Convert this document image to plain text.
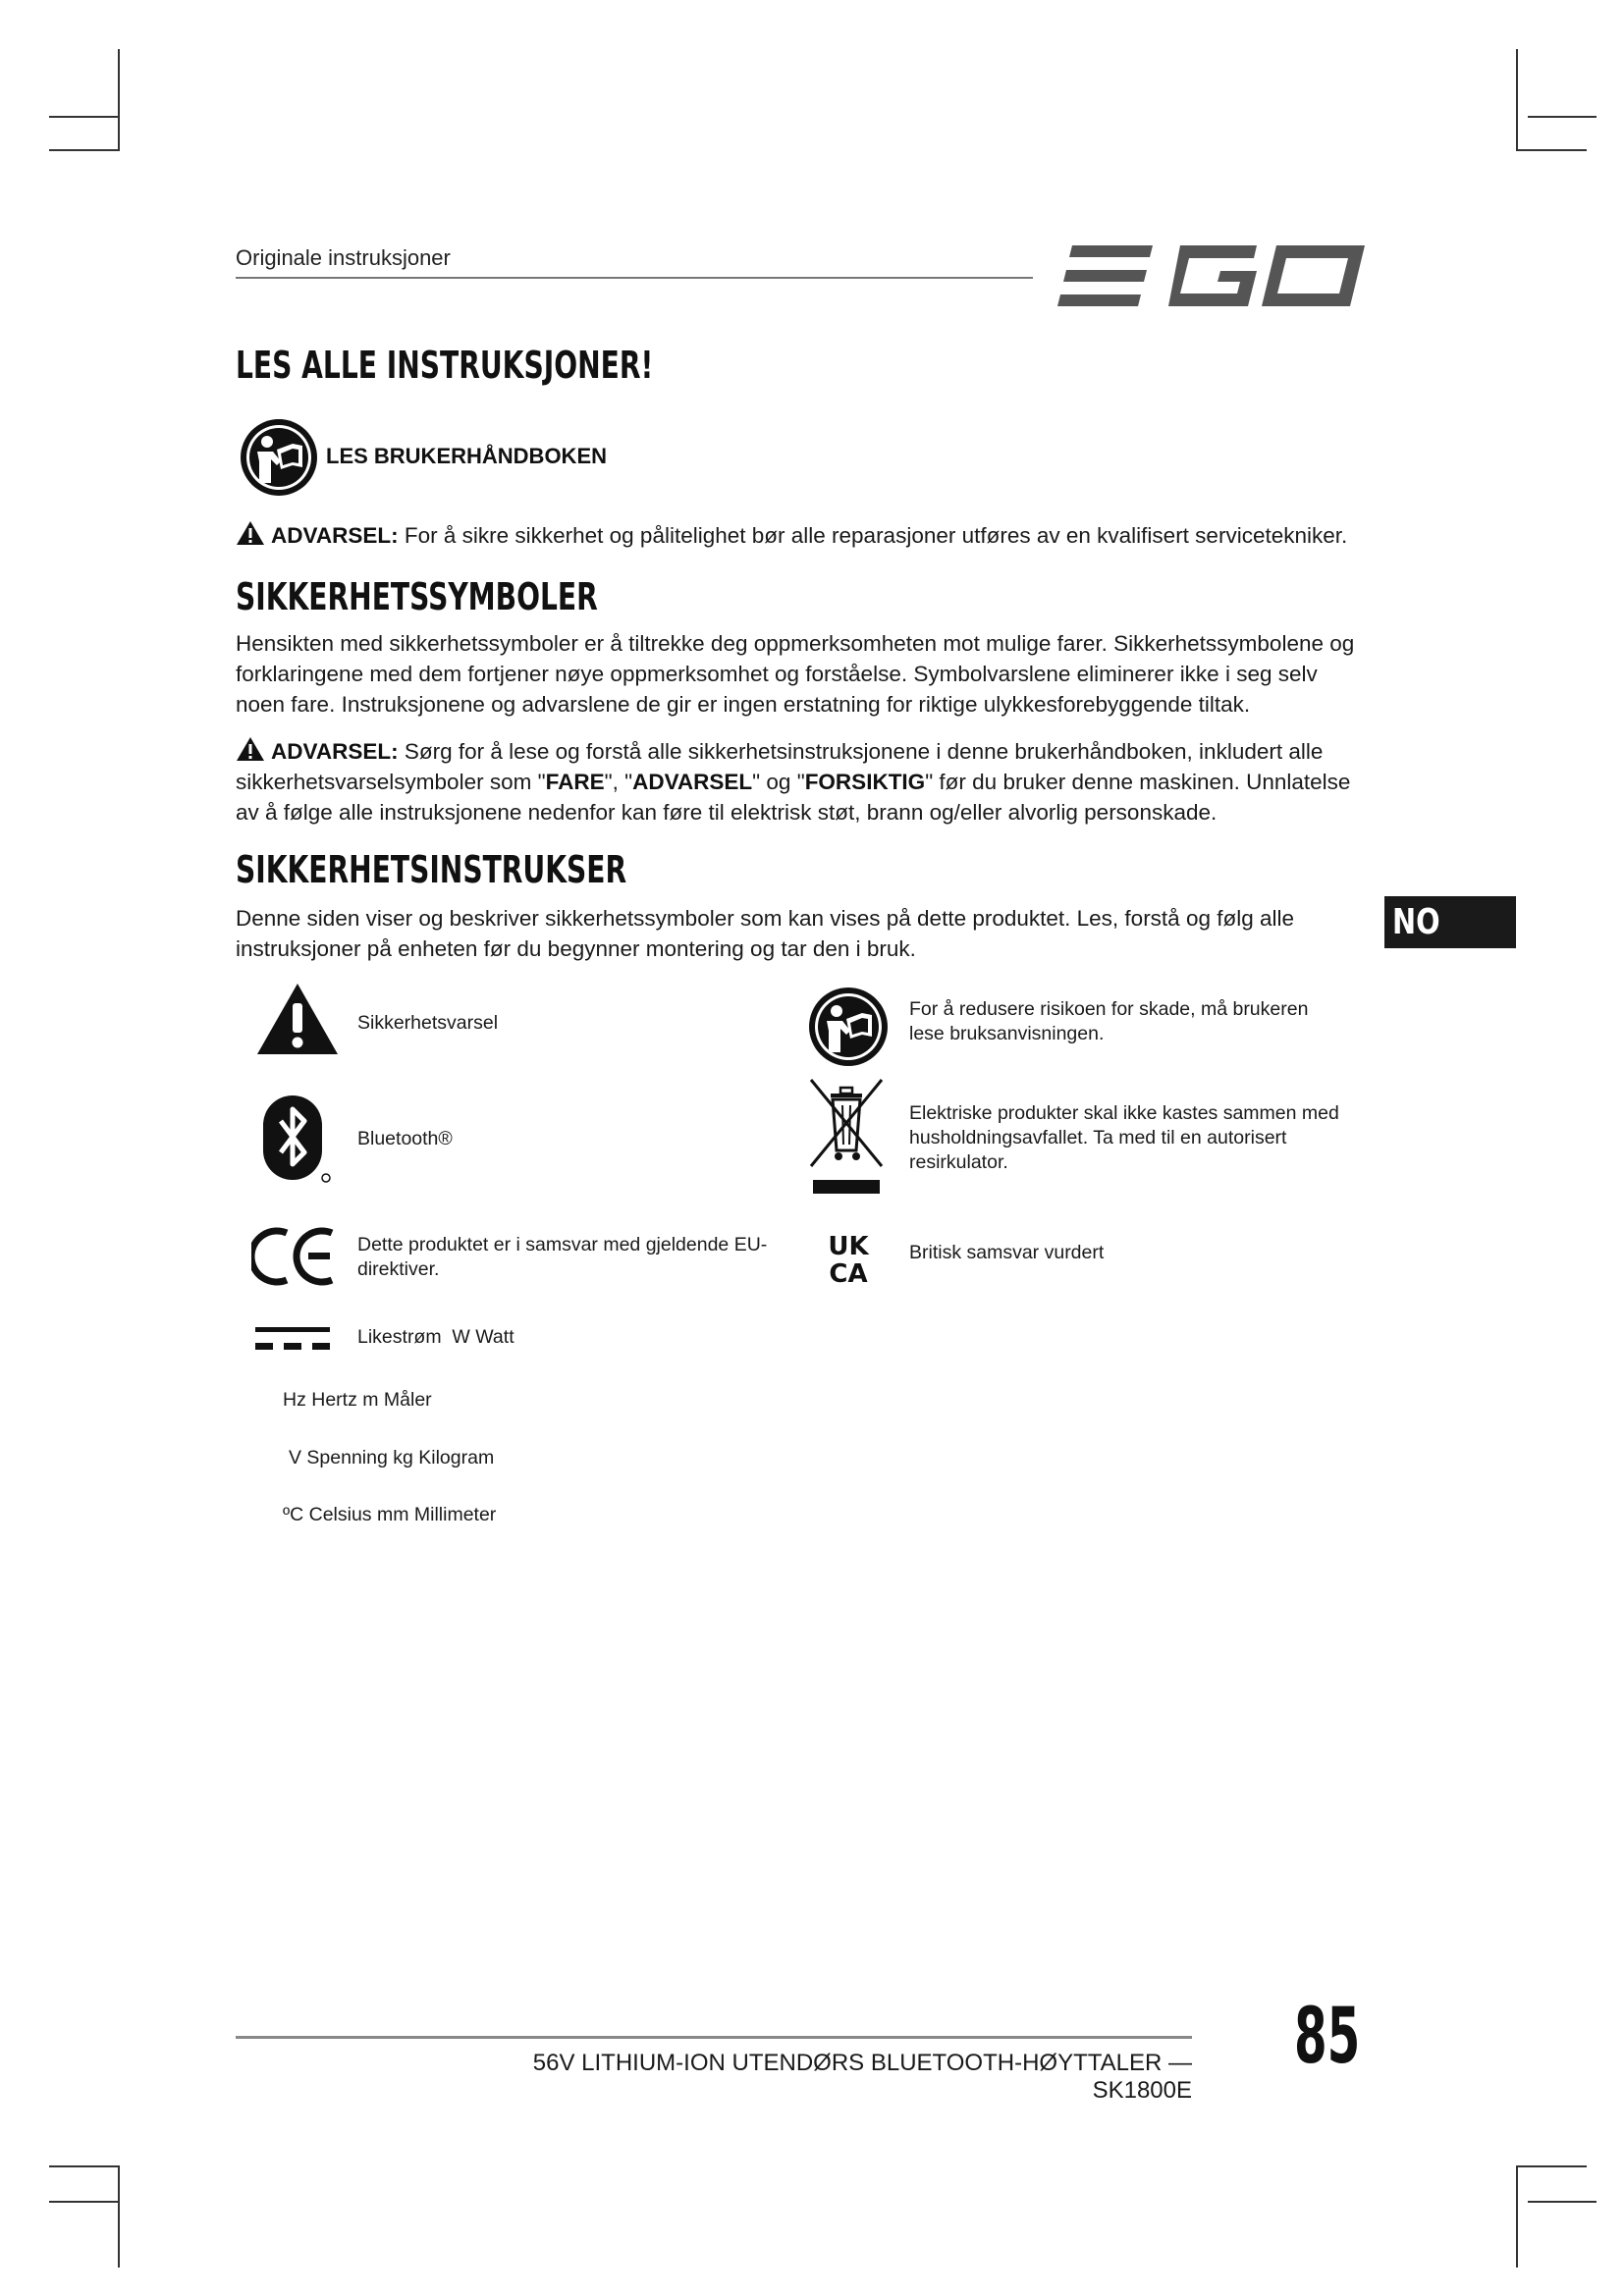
Originale instruksjoner
LES ALLE INSTRUKSJONER!
LES BRUKERHÅNDBOKEN
ADVARSEL: For å sikre sikkerhet og pålitelighet bør alle reparasjoner utføres av en kvalifisert servicetekniker.
SIKKERHETSSYMBOLER
Hensikten med sikkerhetssymboler er å tiltrekke deg oppmerksomheten mot mulige farer. Sikkerhetssymbolene og forklaringene med dem fortjener nøye oppmerksomhet og forståelse. Symbolvarslene eliminerer ikke i seg selv noen fare. Instruksjonene og advarslene de gir er ingen erstatning for riktige ulykkesforebyggende tiltak.
ADVARSEL: Sørg for å lese og forstå alle sikkerhetsinstruksjonene i denne brukerhåndboken, inkludert alle sikkerhetsvarselsymboler som "FARE", "ADVARSEL" og "FORSIKTIG" før du bruker denne maskinen. Unnlatelse av å følge alle instruksjonene nedenfor kan føre til elektrisk støt, brann og/eller alvorlig personskade.
SIKKERHETSINSTRUKSER
Denne siden viser og beskriver sikkerhetssymboler som kan vises på dette produktet. Les, forstå og følg alle instruksjoner på enheten før du begynner montering og tar den i bruk.
NO
Sikkerhetsvarsel
Bluetooth®
Dette produktet er i samsvar med gjeldende EU-direktiver.
Likestrøm  W Watt
Hz Hertz m Måler
V Spenning kg Kilogram
ºC Celsius mm Millimeter
For å redusere risikoen for skade, må brukeren lese bruksanvisningen.
Elektriske produkter skal ikke kastes sammen med husholdningsavfallet. Ta med til en autorisert resirkulator.
UK
CA
Britisk samsvar vurdert
56V LITHIUM-ION UTENDØRS BLUETOOTH-HØYTTALER — SK1800E
85
